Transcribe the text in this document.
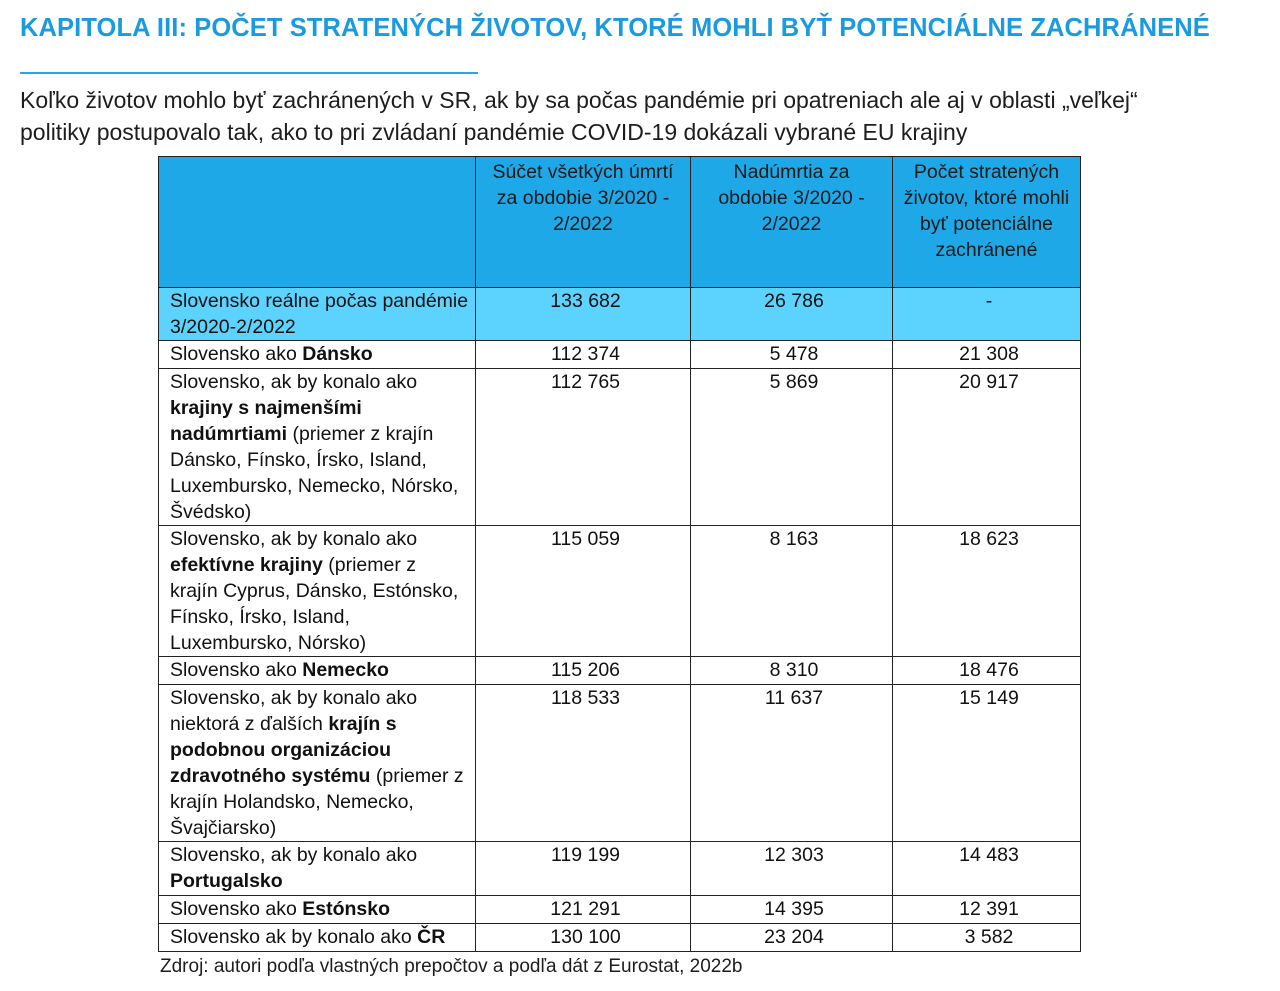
KAPITOLA III: POČET STRATENÝCH ŽIVOTOV, KTORÉ MOHLI BYŤ POTENCIÁLNE ZACHRÁNENÉ
Koľko životov mohlo byť zachránených v SR, ak by sa počas pandémie pri opatreniach ale aj v oblasti „veľkej“
politiky postupovalo tak, ako to pri zvládaní pandémie COVID-19 dokázali vybrané EU krajiny
	Súčet všetkých úmrtí za obdobie 3/2020 - 2/2022	Nadúmrtia za obdobie 3/2020 - 2/2022	Počet stratených životov, ktoré mohli byť potenciálne zachránené
Slovensko reálne počas pandémie 3/2020-2/2022	133 682	26 786	-
Slovensko ako Dánsko	112 374	5 478	21 308
Slovensko, ak by konalo ako krajiny s najmenšími nadúmrtiami (priemer z krajín Dánsko, Fínsko, Írsko, Island, Luxembursko, Nemecko, Nórsko, Švédsko)	112 765	5 869	20 917
Slovensko, ak by konalo ako efektívne krajiny (priemer z krajín Cyprus, Dánsko, Estónsko, Fínsko, Írsko, Island, Luxembursko, Nórsko)	115 059	8 163	18 623
Slovensko ako Nemecko	115 206	8 310	18 476
Slovensko, ak by konalo ako niektorá z ďalších krajín s podobnou organizáciou zdravotného systému (priemer z krajín Holandsko, Nemecko, Švajčiarsko)	118 533	11 637	15 149
Slovensko, ak by konalo ako Portugalsko	119 199	12 303	14 483
Slovensko ako Estónsko	121 291	14 395	12 391
Slovensko ak by konalo ako ČR	130 100	23 204	3 582
Zdroj: autori podľa vlastných prepočtov a podľa dát z Eurostat, 2022b
